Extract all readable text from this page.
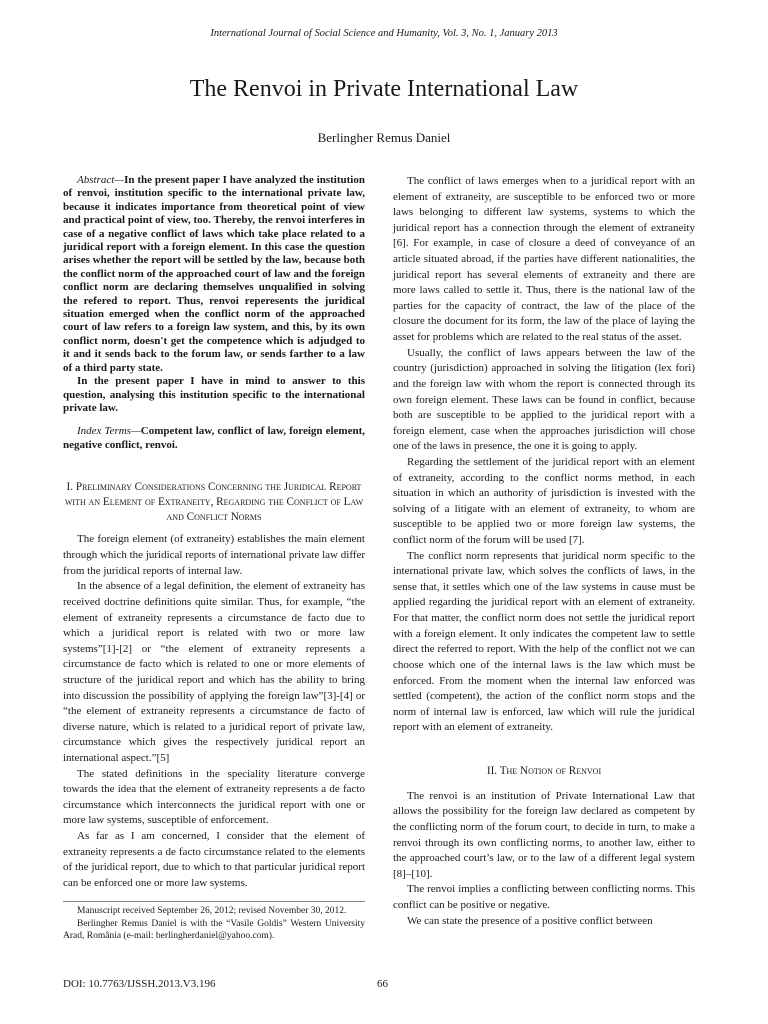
International Journal of Social Science and Humanity, Vol. 3, No. 1, January 2013
The Renvoi in Private International Law
Berlingher Remus Daniel

Abstract—In the present paper I have analyzed the institution of renvoi, institution specific to the international private law, because it indicates importance from theoretical point of view and practical point of view, too. Thereby, the renvoi interferes in case of a negative conflict of laws which take place related to a juridical report with a foreign element. In this case the question arises whether the report will be settled by the law, because both the conflict norm of the approached court of law and the foreign conflict norm are declaring themselves unqualified in solving the refered to report. Thus, renvoi reperesents the juridical situation emerged when the conflict norm of the approached court of law refers to a foreign law system, and this, by its own conflict norm, doesn't get the competence which is adjudged to it and it sends back to the forum law, or sends farther to a law of a third party state.

In the present paper I have in mind to answer to this question, analysing this institution specific to the international private law.

Index Terms—Competent law, conflict of law, foreign element, negative conflict, renvoi.

I. Preliminary Considerations Concerning the Juridical Report with an Element of Extraneity, Regarding the Conflict of Law and Conflict Norms

The foreign element (of extraneity) establishes the main element through which the juridical reports of international private law differ from the juridical reports of internal law.

In the absence of a legal definition, the element of extraneity has received doctrine definitions quite similar. Thus, for example, “the element of extraneity represents a circumstance de facto due to which a juridical report is related with two or more law systems”[1]-[2] or “the element of extraneity represents a circumstance de facto which is related to one or more elements of structure of the juridical report and which has the ability to bring into discussion the possibility of applying the foreign law”[3]-[4] or “the element of extraneity represents a circumstance de facto of diverse nature, which is related to a juridical report of private law, circumstance which gives the respectively juridical report an international aspect.”[5]

The stated definitions in the speciality literature converge towards the idea that the element of extraneity represents a de facto circumstance which interconnects the juridical report with one or more law systems, susceptible of enforcement.

As far as I am concerned, I consider that the element of extraneity represents a de facto circumstance related to the elements of the juridical report, due to which to that particular juridical report can be enforced one or more law systems.

Manuscript received September 26, 2012; revised November 30, 2012.

Berlingher Remus Daniel is with the “Vasile Goldis” Western University Arad, România (e-mail: berlingherdaniel@yahoo.com).

The conflict of laws emerges when to a juridical report with an element of extraneity, are susceptible to be enforced two or more laws belonging to different law systems, systems to which the juridical report has a connection through the element of extraneity [6]. For example, in case of closure a deed of conveyance of an article situated abroad, if the parties have different nationalities, the juridical report has several elements of extraneity and there are more laws called to settle it. Thus, there is the national law of the parties for the capacity of contract, the law of the place of the closure the document for its form, the law of the place of laying the asset for problems which are related to the real status of the asset.

Usually, the conflict of laws appears between the law of the country (jurisdiction) approached in solving the litigation (lex fori) and the foreign law with whom the report is connected through its own foreign element. These laws can be found in conflict, because both are susceptible to be applied to the juridical report with a foreign element, case when the approaches jurisdiction will chose one of the laws in presence, the one it is going to apply.

Regarding the settlement of the juridical report with an element of extraneity, according to the conflict norms method, in each situation in which an authority of jurisdiction is invested with the solving of a litigate with an element of extraneity, to whom are susceptible to be applied two or more foreign law systems, the conflict norm of the forum will be used [7].

The conflict norm represents that juridical norm specific to the international private law, which solves the conflicts of laws, in the sense that, it settles which one of the law systems in cause must be applied regarding the juridical report with an element of extraneity. For that matter, the conflict norm does not settle the juridical report with a foreign element. It only indicates the competent law to settle direct the referred to report. With the help of the conflict not we can choose which one of the internal laws is the law which must be enforced. From the moment when the internal law enforced was settled (competent), the action of the conflict norm stops and the norm of internal law is enforced, law which will rule the juridical report with an element of extraneity.

II. The Notion of Renvoi

The renvoi is an institution of Private International Law that allows the possibility for the foreign law declared as competent by the conflicting norm of the forum court, to decide in turn, to make a renvoi through its own conflicting norms, to another law, either to the approached court’s law, or to the law of a different legal system [8]–[10].

The renvoi implies a conflicting between conflicting norms. This conflict can be positive or negative.

We can state the presence of a positive conflict between

DOI: 10.7763/IJSSH.2013.V3.196	66
